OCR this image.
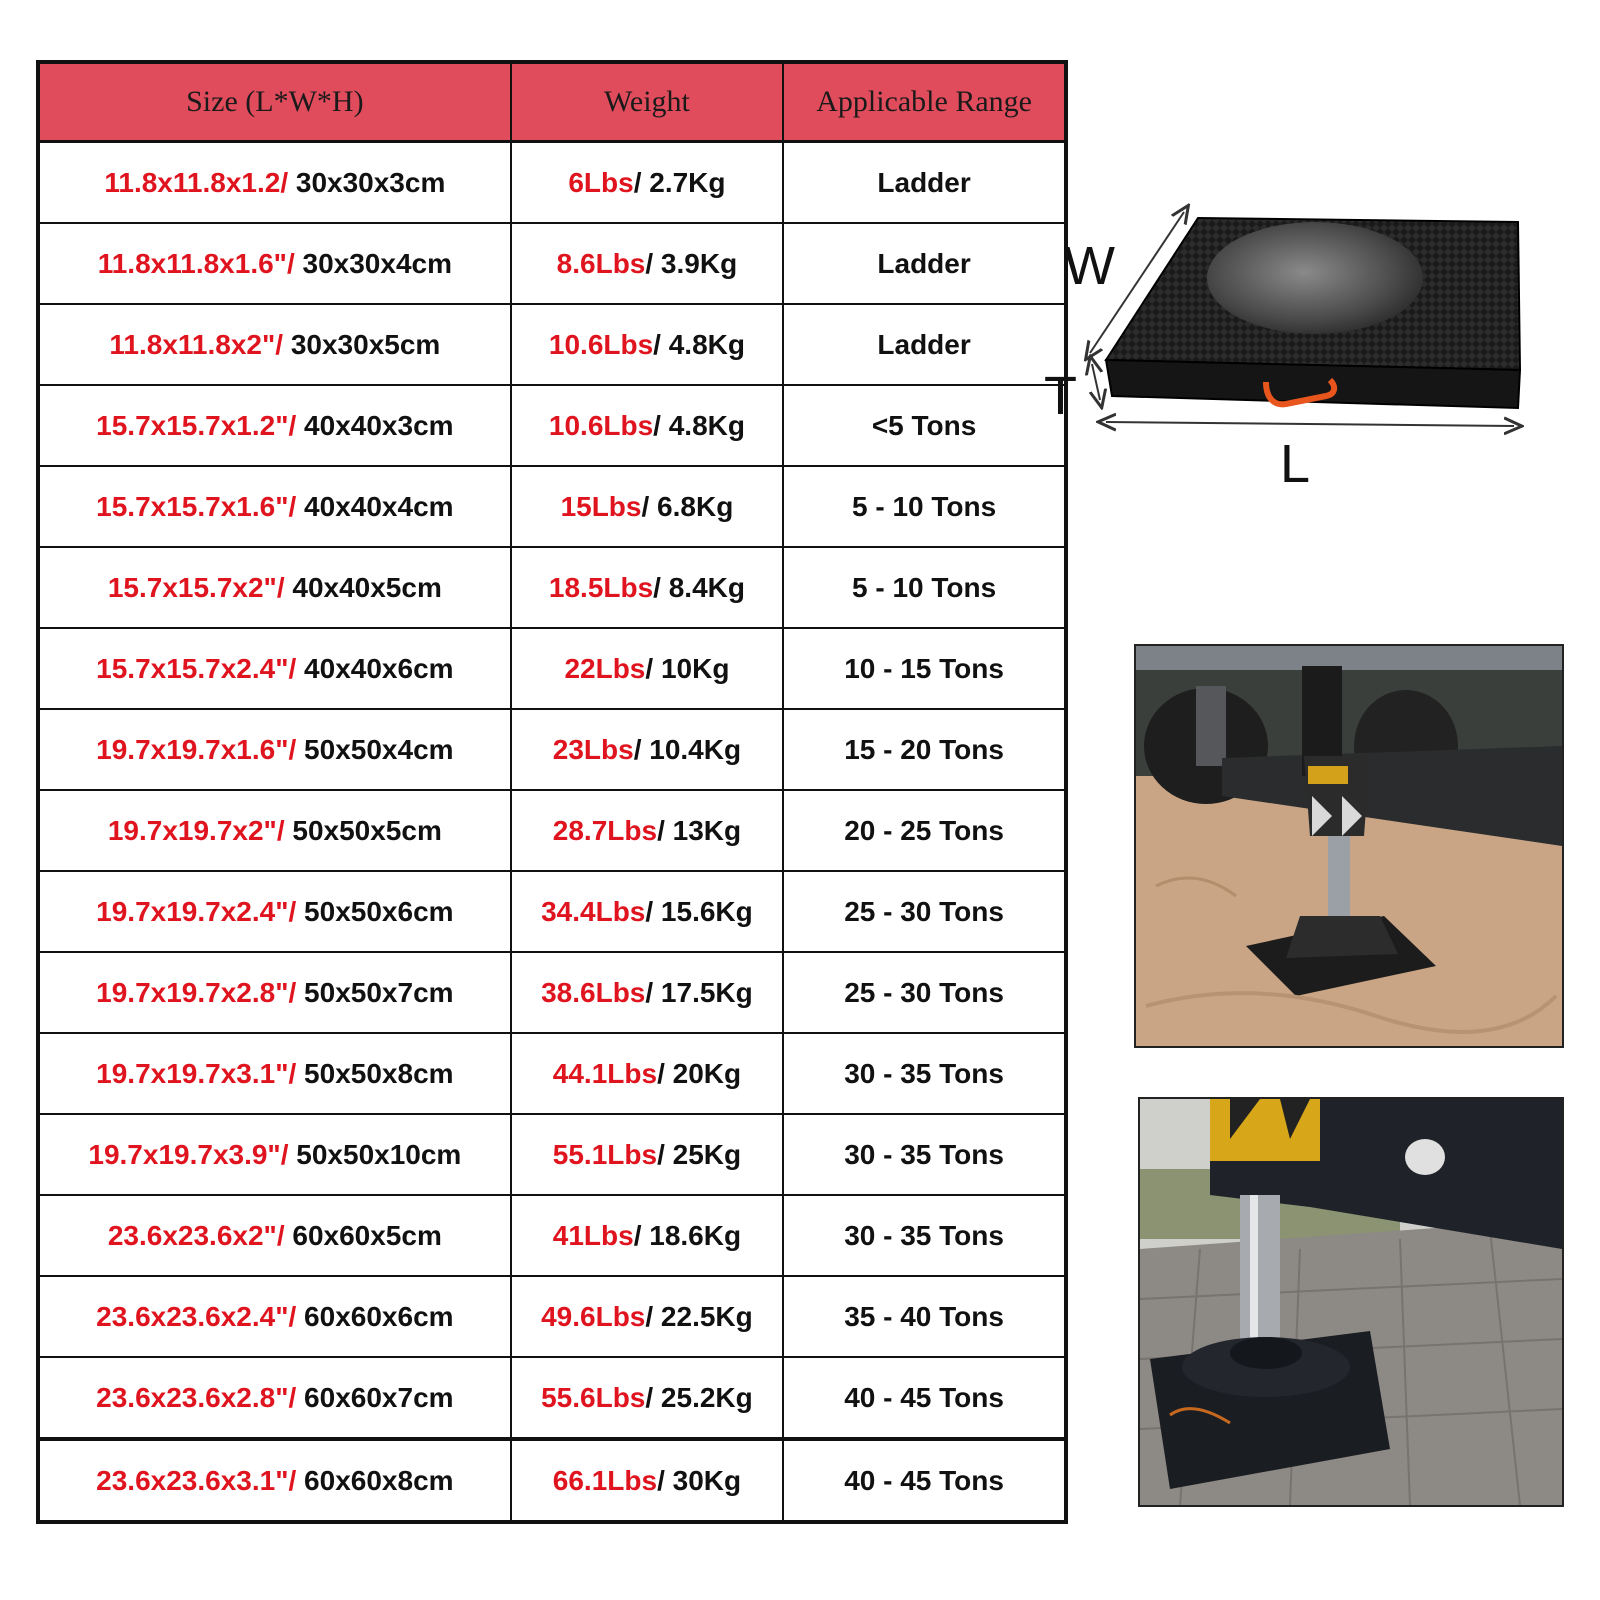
Size (L*W*H)	Weight	Applicable Range
11.8x11.8x1.2/ 30x30x3cm	6Lbs/ 2.7Kg	Ladder
11.8x11.8x1.6"/ 30x30x4cm	8.6Lbs/ 3.9Kg	Ladder
11.8x11.8x2"/ 30x30x5cm	10.6Lbs/ 4.8Kg	Ladder
15.7x15.7x1.2"/ 40x40x3cm	10.6Lbs/ 4.8Kg	<5 Tons
15.7x15.7x1.6"/ 40x40x4cm	15Lbs/ 6.8Kg	5 - 10 Tons
15.7x15.7x2"/ 40x40x5cm	18.5Lbs/ 8.4Kg	5 - 10 Tons
15.7x15.7x2.4"/ 40x40x6cm	22Lbs/ 10Kg	10 - 15 Tons
19.7x19.7x1.6"/ 50x50x4cm	23Lbs/ 10.4Kg	15 - 20 Tons
19.7x19.7x2"/ 50x50x5cm	28.7Lbs/ 13Kg	20 - 25 Tons
19.7x19.7x2.4"/ 50x50x6cm	34.4Lbs/ 15.6Kg	25 - 30 Tons
19.7x19.7x2.8"/ 50x50x7cm	38.6Lbs/ 17.5Kg	25 - 30 Tons
19.7x19.7x3.1"/ 50x50x8cm	44.1Lbs/ 20Kg	30 - 35 Tons
19.7x19.7x3.9"/ 50x50x10cm	55.1Lbs/ 25Kg	30 - 35 Tons
23.6x23.6x2"/ 60x60x5cm	41Lbs/ 18.6Kg	30 - 35 Tons
23.6x23.6x2.4"/ 60x60x6cm	49.6Lbs/ 22.5Kg	35 - 40 Tons
23.6x23.6x2.8"/ 60x60x7cm	55.6Lbs/ 25.2Kg	40 - 45 Tons
23.6x23.6x3.1"/ 60x60x8cm	66.1Lbs/ 30Kg	40 - 45 Tons
W
T
L
